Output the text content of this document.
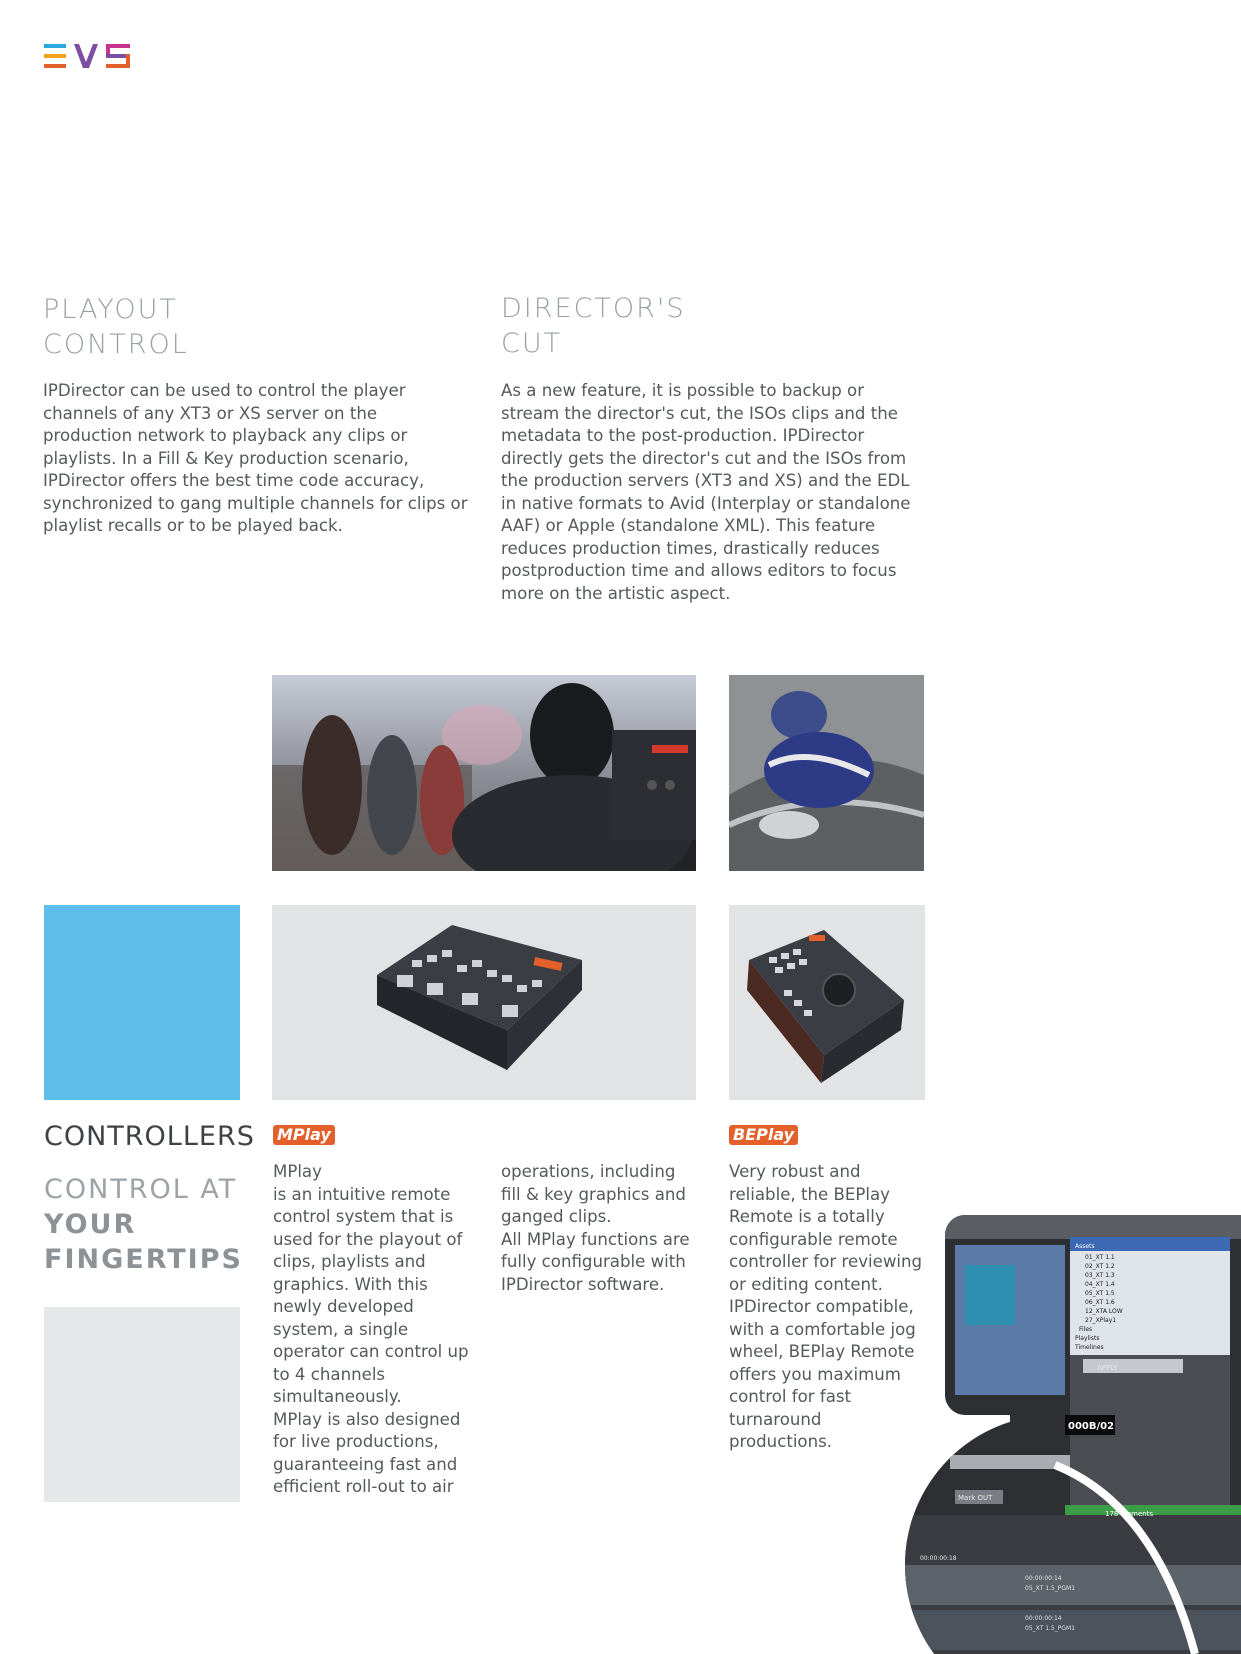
PLAYOUT
CONTROL
IPDirector can be used to control the player channels of any XT3 or XS server on the production network to playback any clips or playlists. In a Fill & Key production scenario, IPDirector offers the best time code accuracy, synchronized to gang multiple channels for clips or playlist recalls or to be played back.
DIRECTOR'S
CUT
As a new feature, it is possible to backup or stream the director's cut, the ISOs clips and the metadata to the post-production. IPDirector directly gets the director's cut and the ISOs from the production servers (XT3 and XS) and the EDL in native formats to Avid (Interplay or standalone AAF) or Apple (standalone XML). This feature reduces production times, drastically reduces postproduction time and allows editors to focus more on the artistic aspect.
CONTROLLERS
CONTROL AT
YOUR
FINGERTIPS
MPlay
MPlay
is an intuitive remote control system that is used for the playout of clips, playlists and graphics. With this newly developed system, a single operator can control up to 4 channels simultaneously.
MPlay is also designed for live productions, guaranteeing fast and efficient roll-out to air
operations, including fill & key graphics and ganged clips.
All MPlay functions are fully configurable with IPDirector software.
BEPlay
Very robust and reliable, the BEPlay Remote is a totally configurable remote controller for reviewing or editing content. IPDirector compatible, with a comfortable jog wheel, BEPlay Remote offers you maximum control for fast turnaround productions.
APPLY
000B/02
Mark OUT
178 elements
Assets
01_XT 1.1
02_XT 1.2
03_XT 1.3
04_XT 1.4
05_XT 1.5
06_XT 1.6
12_XTA LOW
27_XPlay1
Files
Playlists
Timelines
00:00:00:14
00:00:00:14
00:00:00:18
05_XT 1.5_PGM1
05_XT 1.5_PGM1
